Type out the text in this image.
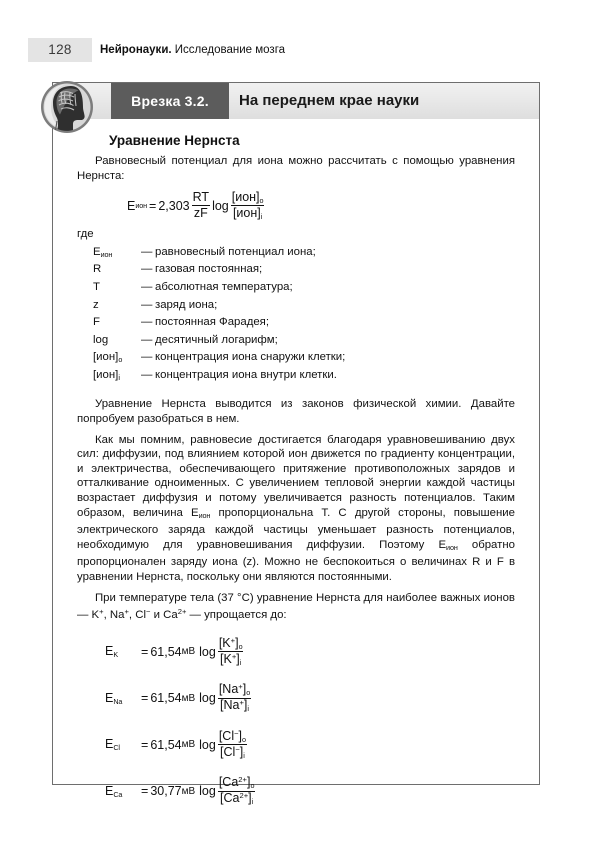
128	Нейронауки. Исследование мозга
Врезка 3.2.	На переднем крае науки
Уравнение Нернста

Равновесный потенциал для иона можно рассчитать с помощью уравнения Нернста:

E ион = $2,303 \frac{RT}{zF}$ $\log \frac{[ион]_o}{[ион]_i}$
где
$E_{ион}$	— равновесный потенциал иона;
R	— газовая постоянная;
T	— абсолютная температура;
z	— заряд иона;
F	— постоянная Фарадея;
log	— десятичный логарифм;
$[ион]_o$	— концентрация иона снаружи клетки;
$[ион]_i$	— концентрация иона внутри клетки.

Уравнение Нернста выводится из законов физической химии. Давайте попробуем разобраться в нем.

Как мы помним, равновесие достигается благодаря уравновешиванию двух сил: диффузии, под влиянием которой ион движется по градиенту концентрации, и электричества, обеспечивающего притяжение противоположных зарядов и отталкивание одноименных. С увеличением тепловой энергии каждой частицы возрастает диффузия и потому увеличивается разность потенциалов. Таким образом, величина $E_{ион}$ пропорциональна T. С другой стороны, повышение электрического заряда каждой частицы уменьшает разность потенциалов, необходимую для уравновешивания диффузии. Поэтому $E_{ион}$ обратно пропорционален заряду иона (z). Можно не беспокоиться о величинах R и F в уравнении Нернста, поскольку они являются постоянными.

При температуре тела (37 °C) уравнение Нернста для наиболее важных ионов — K+, Na+, Cl− и $Ca^{2+}$ — упрощается до:

$E_K$	= 61,54 мВ $\log \frac{[K^+]_o}{[K^+]_i}$
$E_{Na}$	= 61,54 мВ $\log \frac{[Na^+]_o}{[Na^+]_i}$
$E_{Cl}$	= 61,54 мВ $\log \frac{[Cl^-]_o}{[Cl^-]_i}$
$E_{Ca}$	= 30,77 мВ $\log \frac{[Ca^{2+}]_o}{[Ca^{2+}]_i}$
